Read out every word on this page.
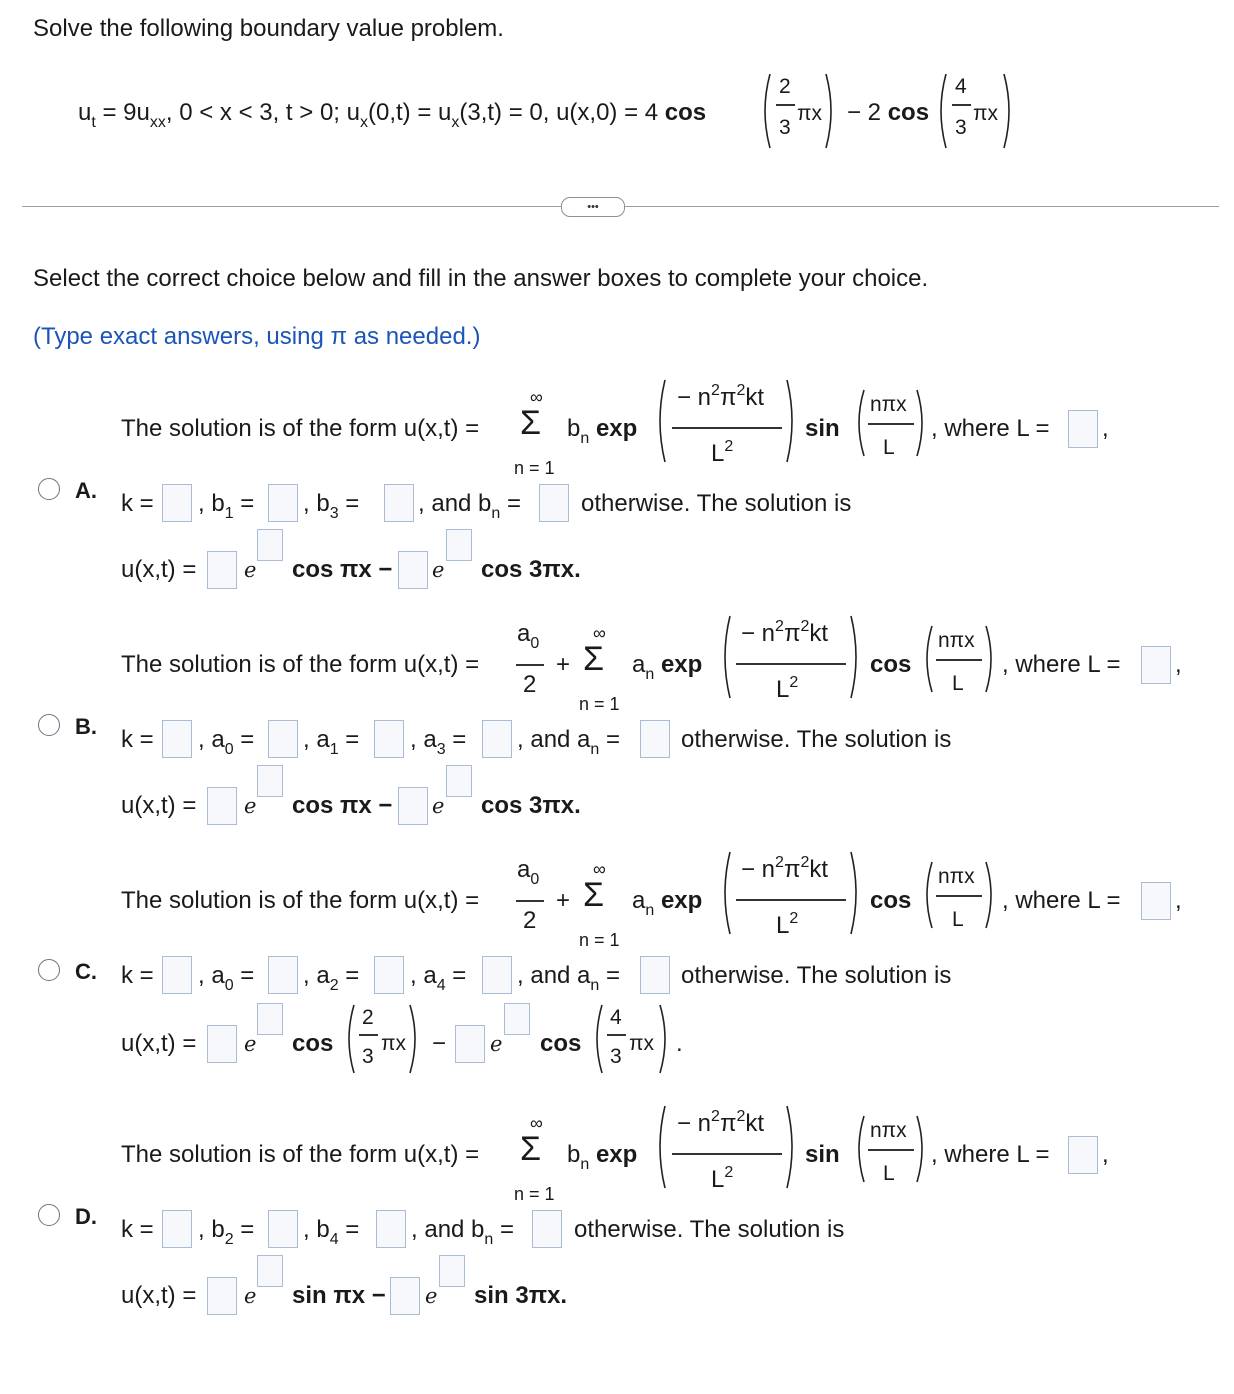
Solve the following boundary value problem.
$u_t = 9u_{xx}$, 0 < x < 3, t > 0; $u_x(0,t) = u_x(3,t) = 0$, u(x,0) = 4 cos
2
3
πx − 2 cos
4
3
πx
•••
Select the correct choice below and fill in the answer boxes to complete your choice.
(Type exact answers, using π as needed.)
A.
The solution is of the form u(x,t) =
∞
Σ
n = 1
$b_n$ exp
− $n^2\pi^2kt$
$L^2$
sin
nπx
L
, where L = ,
k = , $b_1$ = , $b_3$ = , and $b_n$ =	otherwise. The solution is
u(x,t) = e cos πx − e cos 3πx.
B.
The solution is of the form u(x,t) =
$a_0$
2
+
∞
Σ
n = 1
$a_n$ exp
− $n^2\pi^2kt$
$L^2$
cos
nπx
L
, where L = ,
k = , $a_0$ = , $a_1$ = , $a_3$ = , and $a_n$ =	otherwise. The solution is
u(x,t) = e cos πx − e cos 3πx.
C.
The solution is of the form u(x,t) =
$a_0$
2
+
∞
Σ
n = 1
$a_n$ exp
− $n^2\pi^2kt$
$L^2$
cos
nπx
L
, where L = ,
k = , $a_0$ = , $a_2$ = , $a_4$ = , and $a_n$ =	otherwise. The solution is
u(x,t) = e cos
2
3
πx − e cos
4
3
πx .
D.
The solution is of the form u(x,t) =
∞
Σ
n = 1
$b_n$ exp
− $n^2\pi^2kt$
$L^2$
sin
nπx
L
, where L = ,
k = , $b_2$ = , $b_4$ = , and $b_n$ =	otherwise. The solution is
u(x,t) = e sin πx − e sin 3πx.
